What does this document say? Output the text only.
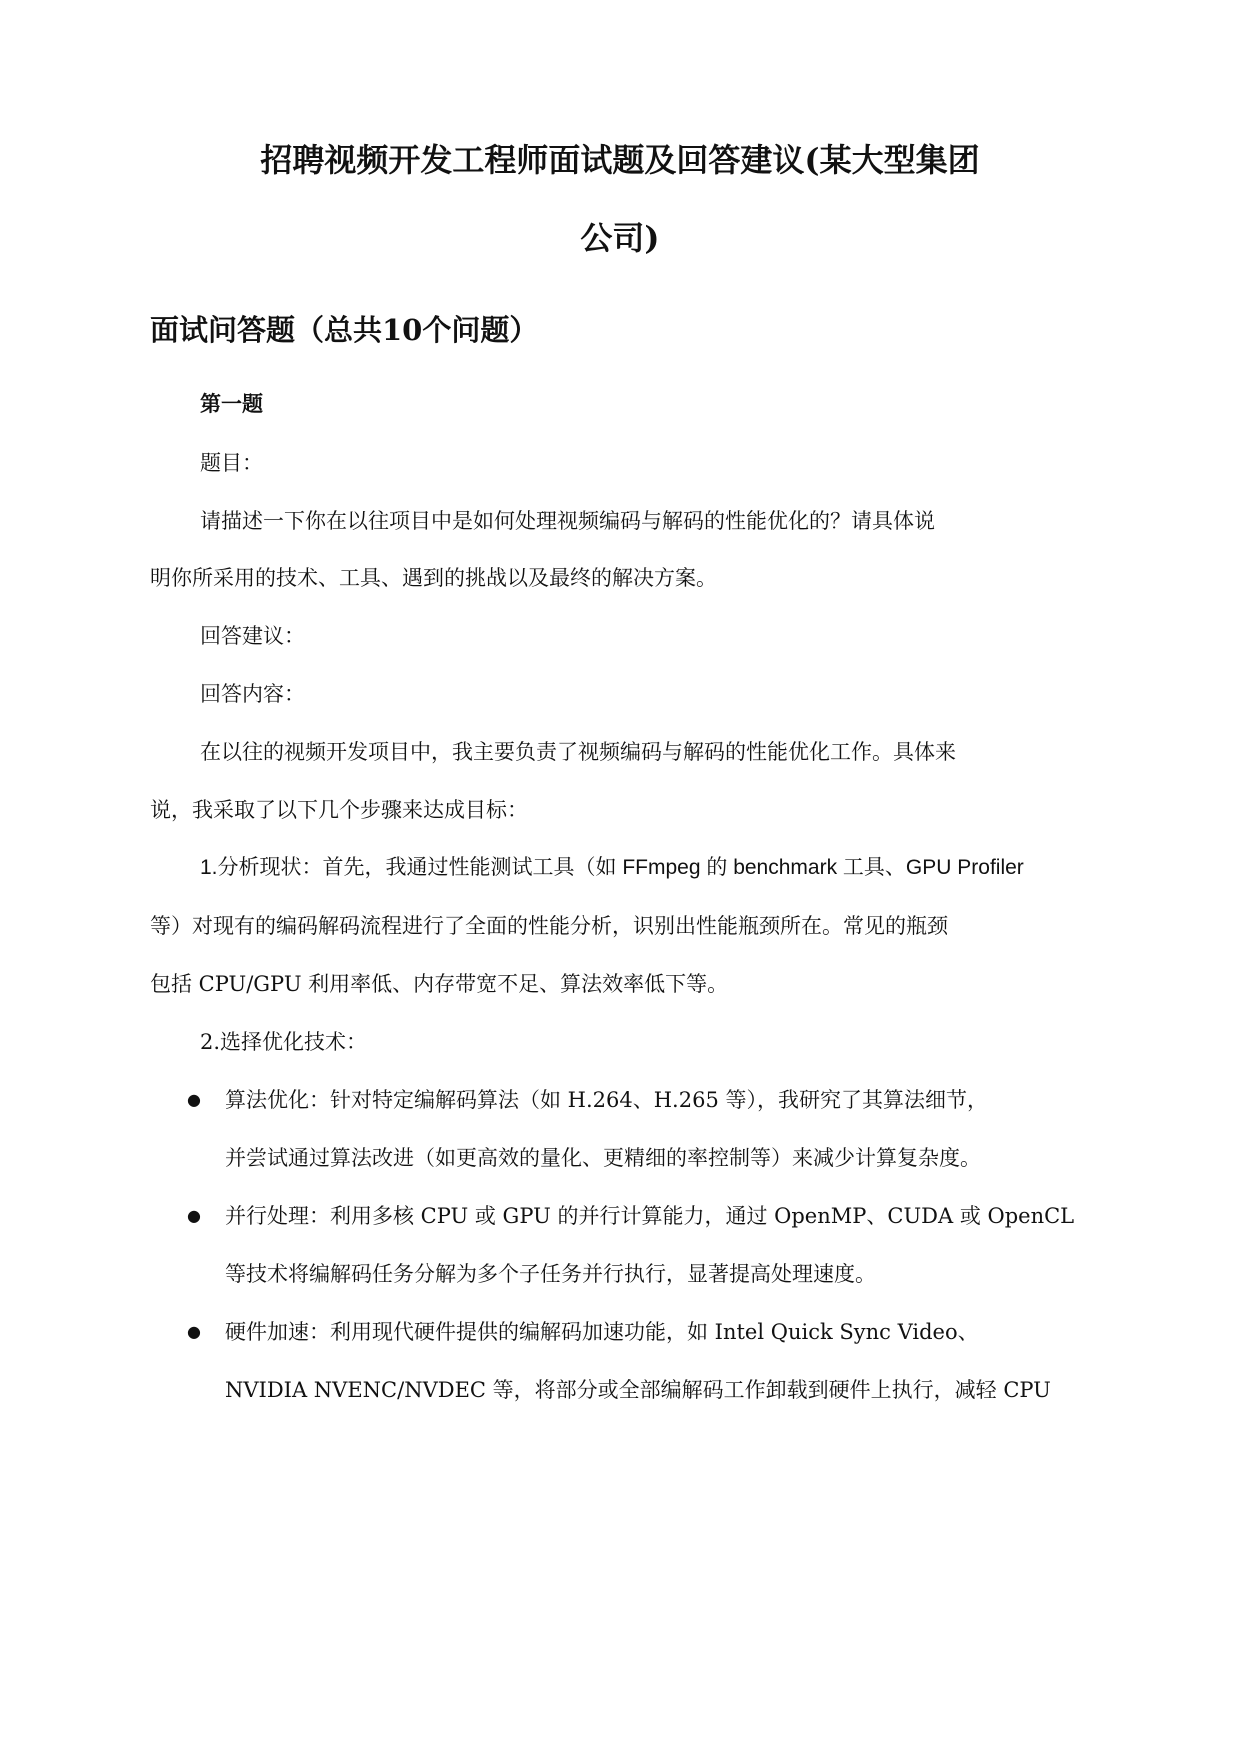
招聘视频开发工程师面试题及回答建议(某大型集团
公司)
面试问答题（总共10个问题）
第一题
题目：
请描述一下你在以往项目中是如何处理视频编码与解码的性能优化的？请具体说
明你所采用的技术、工具、遇到的挑战以及最终的解决方案。
回答建议：
回答内容：
在以往的视频开发项目中，我主要负责了视频编码与解码的性能优化工作。具体来
说，我采取了以下几个步骤来达成目标：
1.分析现状：首先，我通过性能测试工具（如 FFmpeg 的 benchmark 工具、GPU Profiler
等）对现有的编码解码流程进行了全面的性能分析，识别出性能瓶颈所在。常见的瓶颈
包括 CPU/GPU 利用率低、内存带宽不足、算法效率低下等。
2.选择优化技术：
● 算法优化：针对特定编解码算法（如 H.264、H.265 等），我研究了其算法细节，
并尝试通过算法改进（如更高效的量化、更精细的率控制等）来减少计算复杂度。
● 并行处理：利用多核 CPU 或 GPU 的并行计算能力，通过 OpenMP、CUDA 或 OpenCL
等技术将编解码任务分解为多个子任务并行执行，显著提高处理速度。
● 硬件加速：利用现代硬件提供的编解码加速功能，如 Intel Quick Sync Video、
NVIDIA NVENC/NVDEC 等，将部分或全部编解码工作卸载到硬件上执行，减轻 CPU
